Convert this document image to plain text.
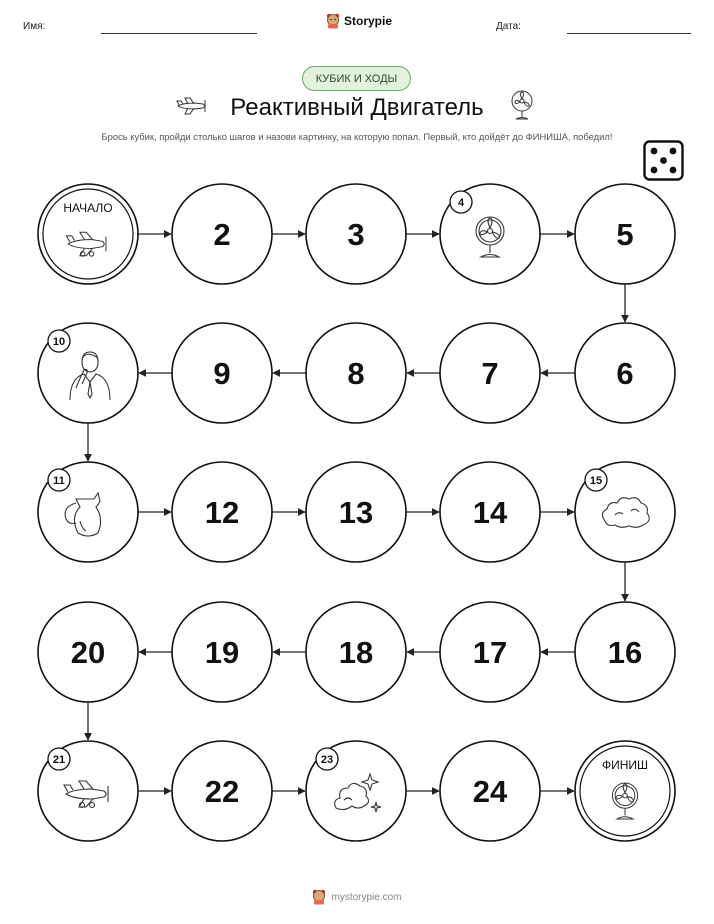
Имя:	Storypie	Дата:
КУБИК И ХОДЫ
Реактивный Двигатель
Брось кубик, пройди столько шагов и назови картинку, на которую попал. Первый, кто дойдёт до ФИНИША, победил!
НАЧАЛО
2	3
4
5
6
7
8
9
10
11
12	13	14
15
16
17
18
19
20
21
22
23
24
ФИНИШ
mystorypie.com
